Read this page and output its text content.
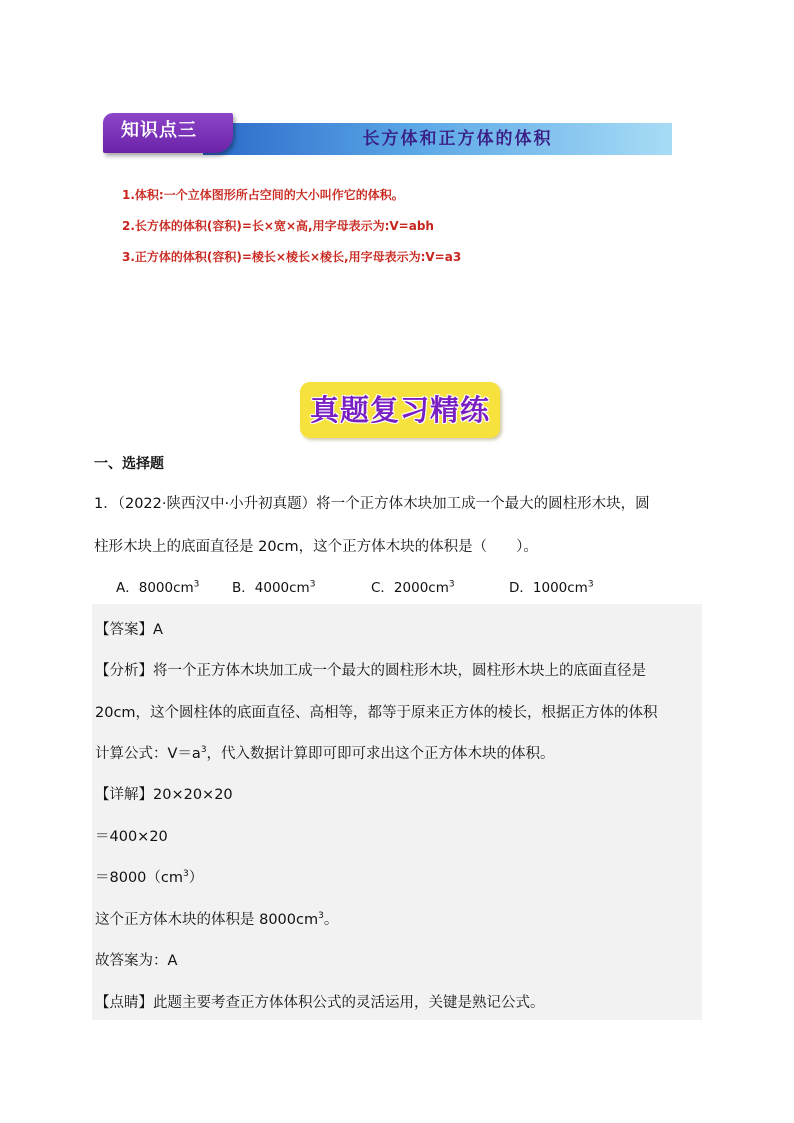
长方体和正方体的体积
知识点三
1.体积:一个立体图形所占空间的大小叫作它的体积。
2.长方体的体积(容积)=长×宽×高,用字母表示为:V=abh
3.正方体的体积(容积)=棱长×棱长×棱长,用字母表示为:V=a3
真题复习精练
一、选择题
1．（2022·陕西汉中·小升初真题）将一个正方体木块加工成一个最大的圆柱形木块，圆
柱形木块上的底面直径是 20cm，这个正方体木块的体积是（　　）。
A．$8000cm^3$ B．$4000cm^3$	C．$2000cm^3$	D．$1000cm^3$
【答案】A
【分析】将一个正方体木块加工成一个最大的圆柱形木块，圆柱形木块上的底面直径是
20cm，这个圆柱体的底面直径、高相等，都等于原来正方体的棱长，根据正方体的体积
计算公式：$V=a^3$，代入数据计算即可即可求出这个正方体木块的体积。
【详解】20×20×20
＝400×20
$=8000(cm^3)$
这个正方体木块的体积是 $8000cm^3$。
故答案为：A
【点睛】此题主要考查正方体体积公式的灵活运用，关键是熟记公式。
